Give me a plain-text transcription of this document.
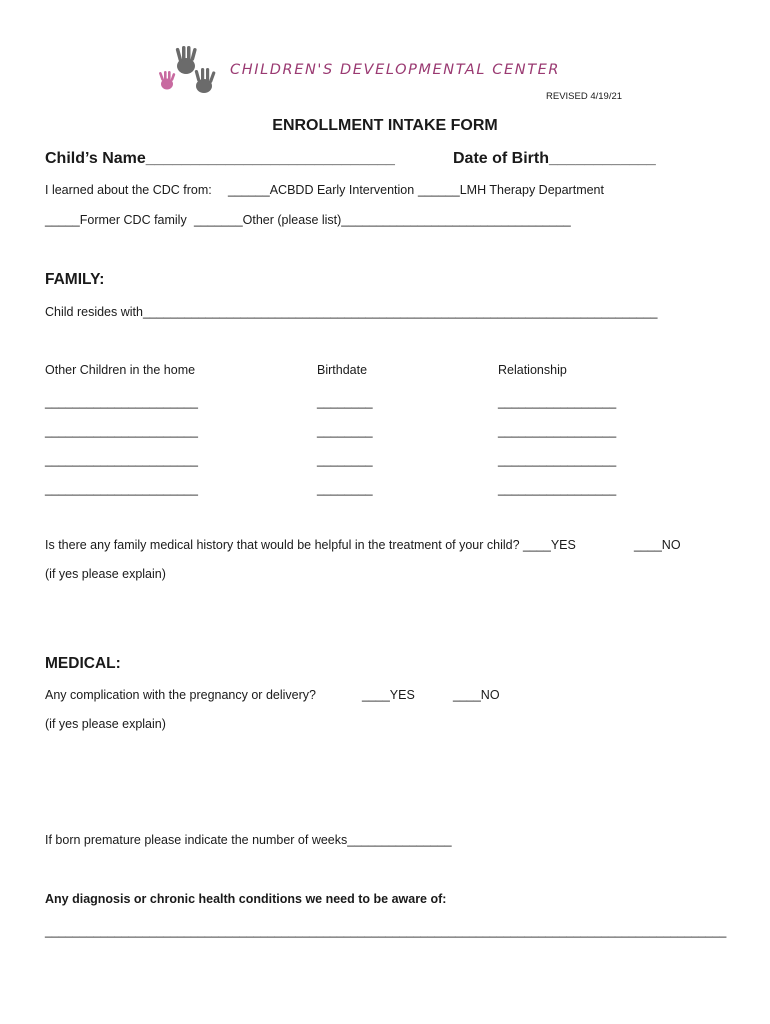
CHILDREN'S DEVELOPMENTAL CENTER
REVISED 4/19/21
ENROLLMENT INTAKE FORM
Child’s Name____________________________	Date of Birth____________
I learned about the CDC from: ______ACBDD Early Intervention ______LMH Therapy Department
_____Former CDC family _______Other (please list)_________________________________
FAMILY:
Child resides with__________________________________________________________________________
Other Children in the home	Birthdate	Relationship
______________________	________	_________________
______________________	________	_________________
______________________	________	_________________
______________________	________	_________________
Is there any family medical history that would be helpful in the treatment of your child? ____YES	____NO
(if yes please explain)
MEDICAL:
Any complication with the pregnancy or delivery?	____YES	____NO
(if yes please explain)
If born premature please indicate the number of weeks_______________
Any diagnosis or chronic health conditions we need to be aware of:
__________________________________________________________________________________________________
